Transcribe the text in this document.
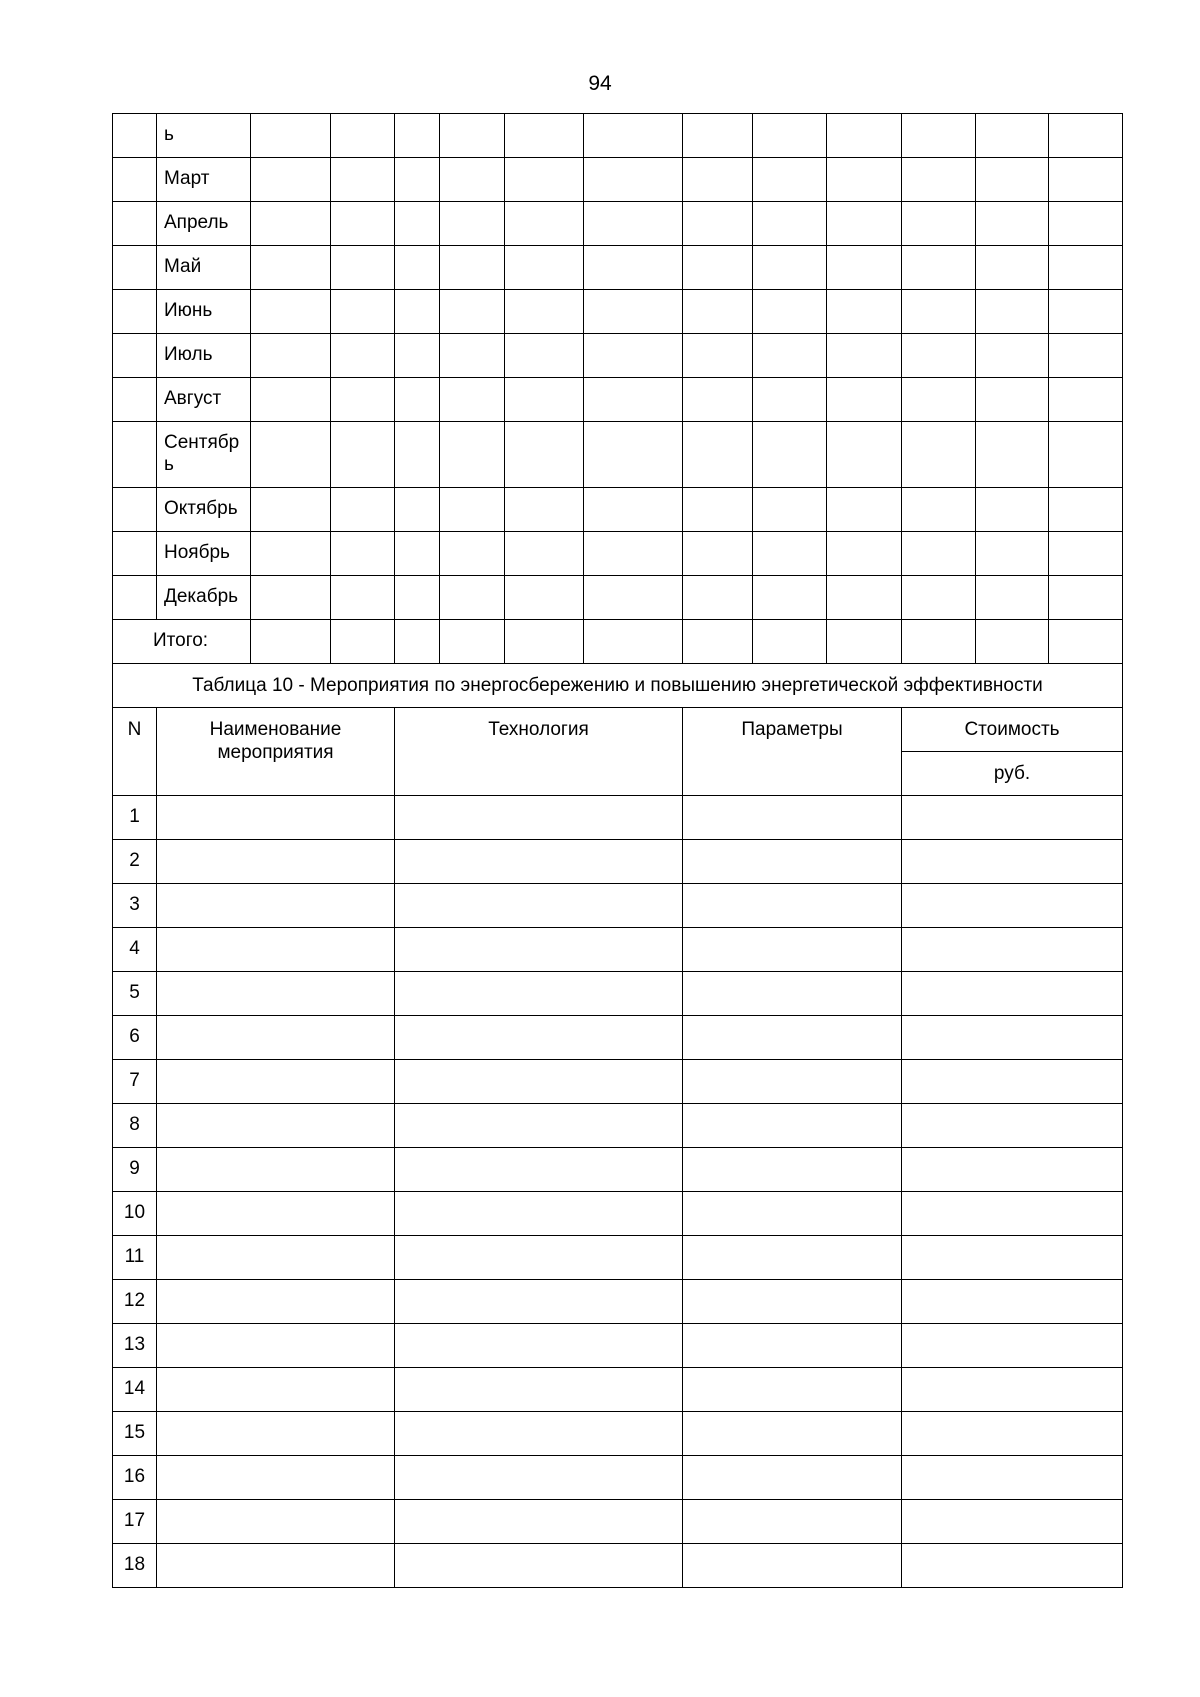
94
	ь												
	Март												
	Апрель												
	Май												
	Июнь												
	Июль												
	Август												
	Сентябр ь												
	Октябрь												
	Ноябрь												
	Декабрь												
Итого:													
Таблица 10 - Мероприятия по энергосбережению и повышению энергетической эффективности													
N	Наименование мероприятия			Технология				Параметры			Стоимость		
											руб.		
1													
2													
3													
4													
5													
6													
7													
8													
9													
10													
11													
12													
13													
14													
15													
16													
17													
18													
